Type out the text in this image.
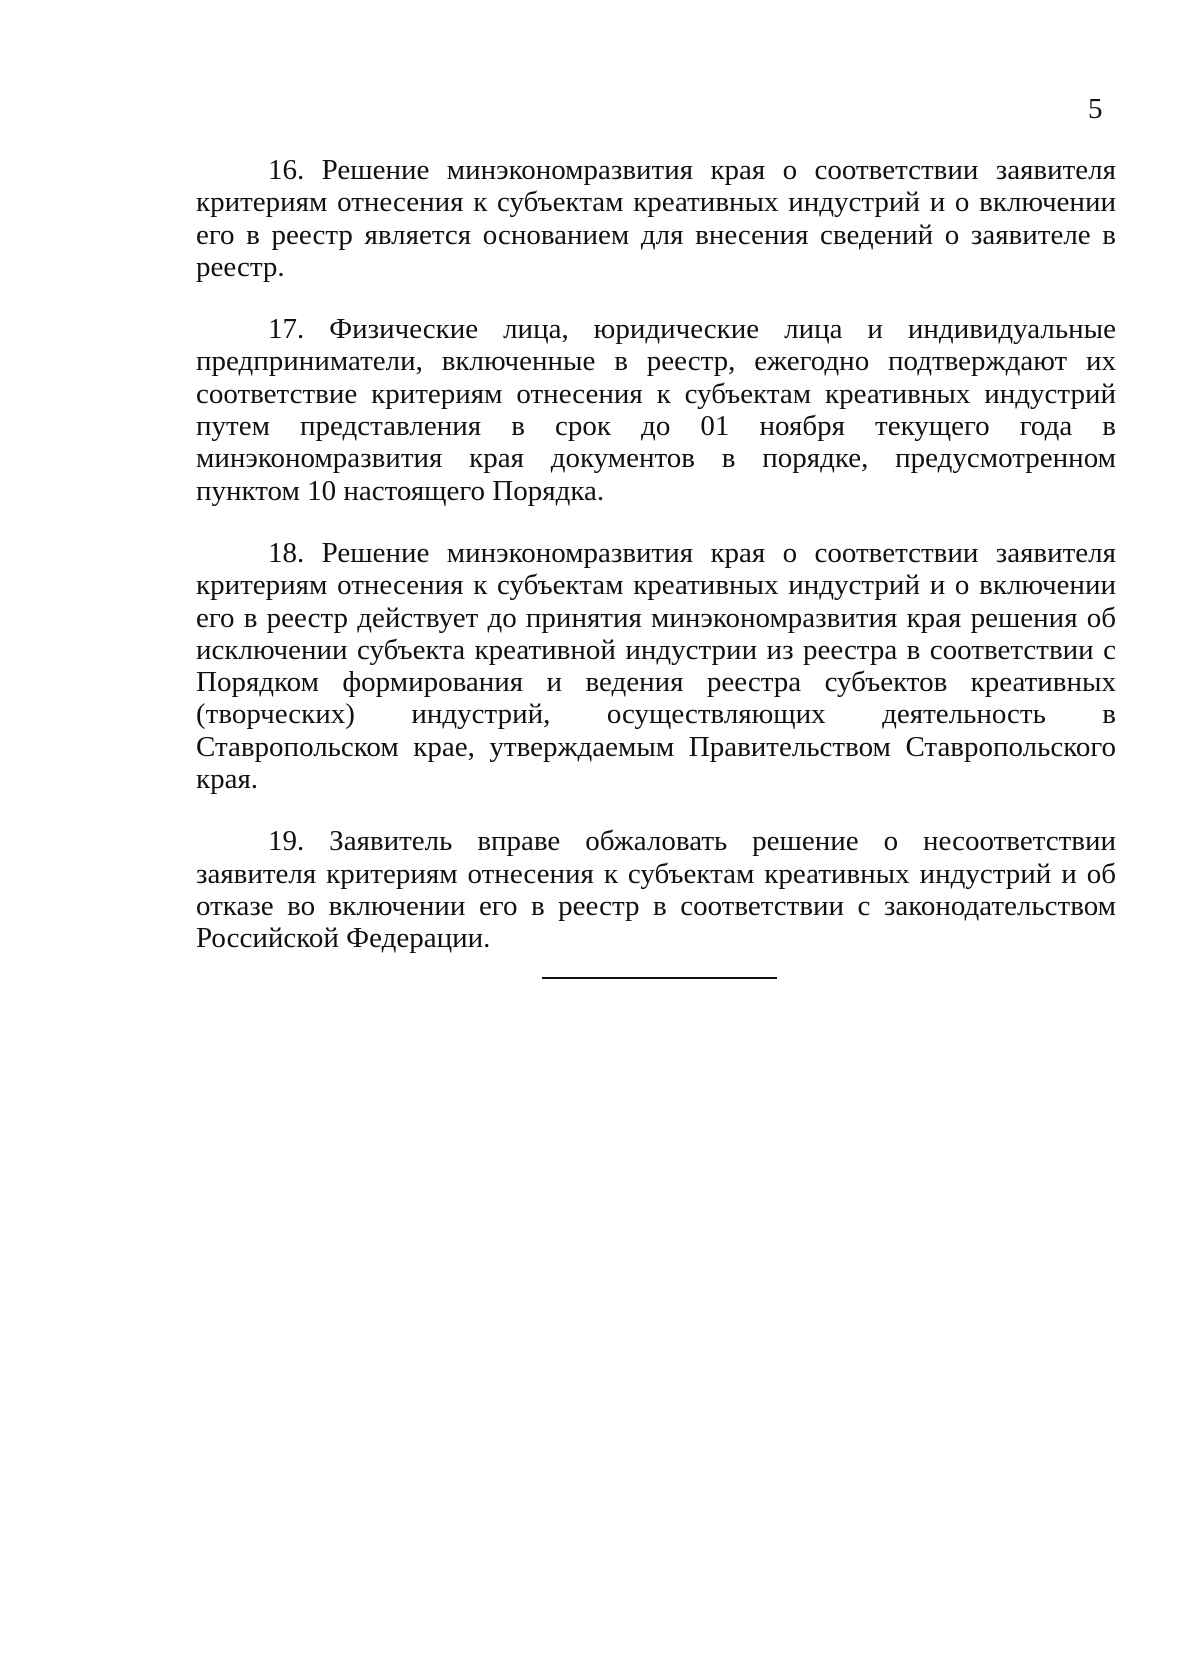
5

16. Решение минэкономразвития края о соответствии заявителя критериям отнесения к субъектам креативных индустрий и о включении его в реестр является основанием для внесения сведений о заявителе в реестр.

17. Физические лица, юридические лица и индивидуальные предприниматели, включенные в реестр, ежегодно подтверждают их соответствие критериям отнесения к субъектам креативных индустрий путем представления в срок до 01 ноября текущего года в минэкономразвития края документов в порядке, предусмотренном пунктом 10 настоящего Порядка.

18. Решение минэкономразвития края о соответствии заявителя критериям отнесения к субъектам креативных индустрий и о включении его в реестр действует до принятия минэкономразвития края решения об исключении субъекта креативной индустрии из реестра в соответствии с Порядком формирования и ведения реестра субъектов креативных (творческих) индустрий, осуществляющих деятельность в Ставропольском крае, утверждаемым Правительством Ставропольского края.

19. Заявитель вправе обжаловать решение о несоответствии заявителя критериям отнесения к субъектам креативных индустрий и об отказе во включении его в реестр в соответствии с законодательством Российской Федерации.
